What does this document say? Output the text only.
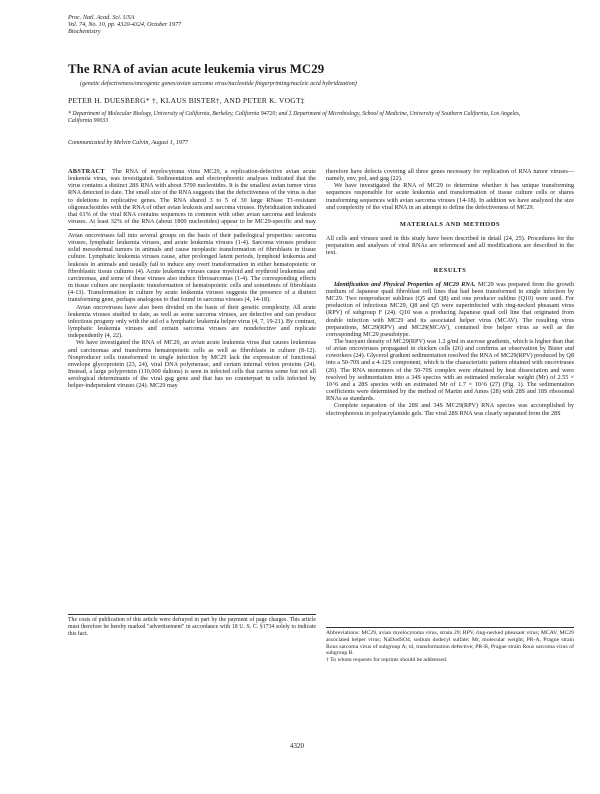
Proc. Natl. Acad. Sci. USA
Vol. 74, No. 10, pp. 4320-4324, October 1977
Biochemistry
The RNA of avian acute leukemia virus MC29
(genetic defectiveness/oncogenic genes/avian sarcoma virus/nucleotide fingerprinting/nucleic acid hybridization)
PETER H. DUESBERG* †, KLAUS BISTER†, AND PETER K. VOGT‡
* Department of Molecular Biology, University of California, Berkeley, California 94720; and ‡ Department of Microbiology, School of Medicine, University of Southern California, Los Angeles, California 90033
Communicated by Melvin Calvin, August 1, 1977
ABSTRACT The RNA of myelocytoma virus MC29, a replication-defective avian acute leukemia virus, was investigated. Sedimentation and electrophoretic analyses indicated that the virus contains a distinct 28S RNA with about 5700 nucleotides. It is the smallest avian tumor virus RNA detected to date. The small size of the RNA suggests that the defectiveness of the virus is due to deletions in replicative genes. The RNA shared 3 to 5 of 30 large RNase T1-resistant oligonucleotides with the RNA of other avian leukosis and sarcoma viruses. Hybridization indicated that 61% of the viral RNA contains sequences in common with other avian sarcoma and leukosis viruses. At least 32% of the RNA (about 1800 nucleotides) appear to be MC29-specific and may

Avian oncoviruses fall into several groups on the basis of their pathological properties: sarcoma viruses, lymphatic leukemia viruses, and acute leukemia viruses (1-4). Sarcoma viruses produce solid mesodermal tumors in animals and cause neoplastic transformation of fibroblasts in tissue culture. Lymphatic leukemia viruses cause, after prolonged latent periods, lymphoid leukemia and leukosis in animals and usually fail to induce any overt transformation in either hematopoietic or fibroblastic tissue cultures (4). Acute leukemia viruses cause myeloid and erythroid leukemias and carcinomas, and some of these viruses also induce fibrosarcomas (1-4). The corresponding effects in tissue culture are neoplastic transformation of hematopoietic cells and sometimes of fibroblasts (4-13). Transformation in culture by acute leukemia viruses suggests the presence of a distinct transforming gene, perhaps analogous to that found in sarcoma viruses (4, 14-18).

Avian oncoviruses have also been divided on the basis of their genetic complexity. All acute leukemia viruses studied to date, as well as some sarcoma viruses, are defective and can produce infectious progeny only with the aid of a lymphatic leukemia helper virus (4, 7, 19-21). By contrast, lymphatic leukemia viruses and certain sarcoma viruses are nondefective and replicate independently (4, 22).

We have investigated the RNA of MC29, an avian acute leukemia virus that causes leukemias and carcinomas and transforms hematopoietic cells as well as fibroblasts in culture (8-12). Nonproducer cells transformed in single infection by MC29 lack the expression of functional envelope glycoprotein (23, 24), viral DNA polymerase, and certain internal virion proteins (24). Instead, a large polyprotein (110,000 daltons) is seen in infected cells that carries some but not all serological determinants of the viral gag gene and that has no counterpart in cells infected by helper-independent viruses (24). MC29 may

The costs of publication of this article were defrayed in part by the payment of page charges. This article must therefore be hereby marked "advertisement" in accordance with 18 U. S. C. §1734 solely to indicate this fact.

therefore have defects covering all three genes necessary for replication of RNA tumor viruses—namely, env, pol, and gag (22).

We have investigated the RNA of MC29 to determine whether it has unique transforming sequences responsible for acute leukemia and transformation of tissue culture cells or shares transforming sequences with avian sarcoma viruses (14-18). In addition we have analyzed the size and complexity of the viral RNA in an attempt to define the defectiveness of MC29.

MATERIALS AND METHODS

All cells and viruses used in this study have been described in detail (24, 25). Procedures for the preparation and analyses of viral RNAs are referenced and all modifications are described in the text.

RESULTS

Identification and Physical Properties of MC29 RNA. MC29 was prepared from the growth medium of Japanese quail fibroblast cell lines that had been transformed in single infection by MC29. Two nonproducer sublines (Q5 and Q8) and one producer subline (Q10) were used. For production of infectious MC29, Q8 and Q5 were superinfected with ring-necked pheasant virus (RPV) of subgroup F (24). Q10 was a producing Japanese quail cell line that originated from double infection with MC29 and its associated helper virus (MCAV). The resulting virus preparations, MC29(RPV) and MC29(MCAV), contained free helper virus as well as the corresponding MC29 pseudotype.

The buoyant density of MC29(RPV) was 1.2 g/ml in sucrose gradients, which is higher than that of avian oncoviruses propagated in chicken cells (26) and confirms an observation by Bister and coworkers (24). Glycerol gradient sedimentation resolved the RNA of MC29(RPV) produced by Q8 into a 50-70S and a 4-12S component, which is the characteristic pattern obtained with oncoviruses (26). The RNA monomers of the 50-70S complex were obtained by heat dissociation and were resolved by sedimentation into a 34S species with an estimated molecular weight (Mr) of 2.55 × 10^6 and a 28S species with an estimated Mr of 1.7 × 10^6 (27) (Fig. 1). The sedimentation coefficients were determined by the method of Martin and Ames (28) with 28S and 18S ribosomal RNAs as standards.

Complete separation of the 28S and 34S MC29(RPV) RNA species was accomplished by electrophoresis in polyacrylamide gels. The viral 28S RNA was clearly separated from the 28S

Abbreviations: MC29, avian myelocytoma virus, strain 29; RPV, ring-necked pheasant virus; MCAV, MC29 associated helper virus; NaDodSO4, sodium dodecyl sulfate; Mr, molecular weight; PR-A, Prague strain Rous sarcoma virus of subgroup A; td, transformation defective; PR-B, Prague strain Rous sarcoma virus of subgroup B.
† To whom requests for reprints should be addressed.
4320
